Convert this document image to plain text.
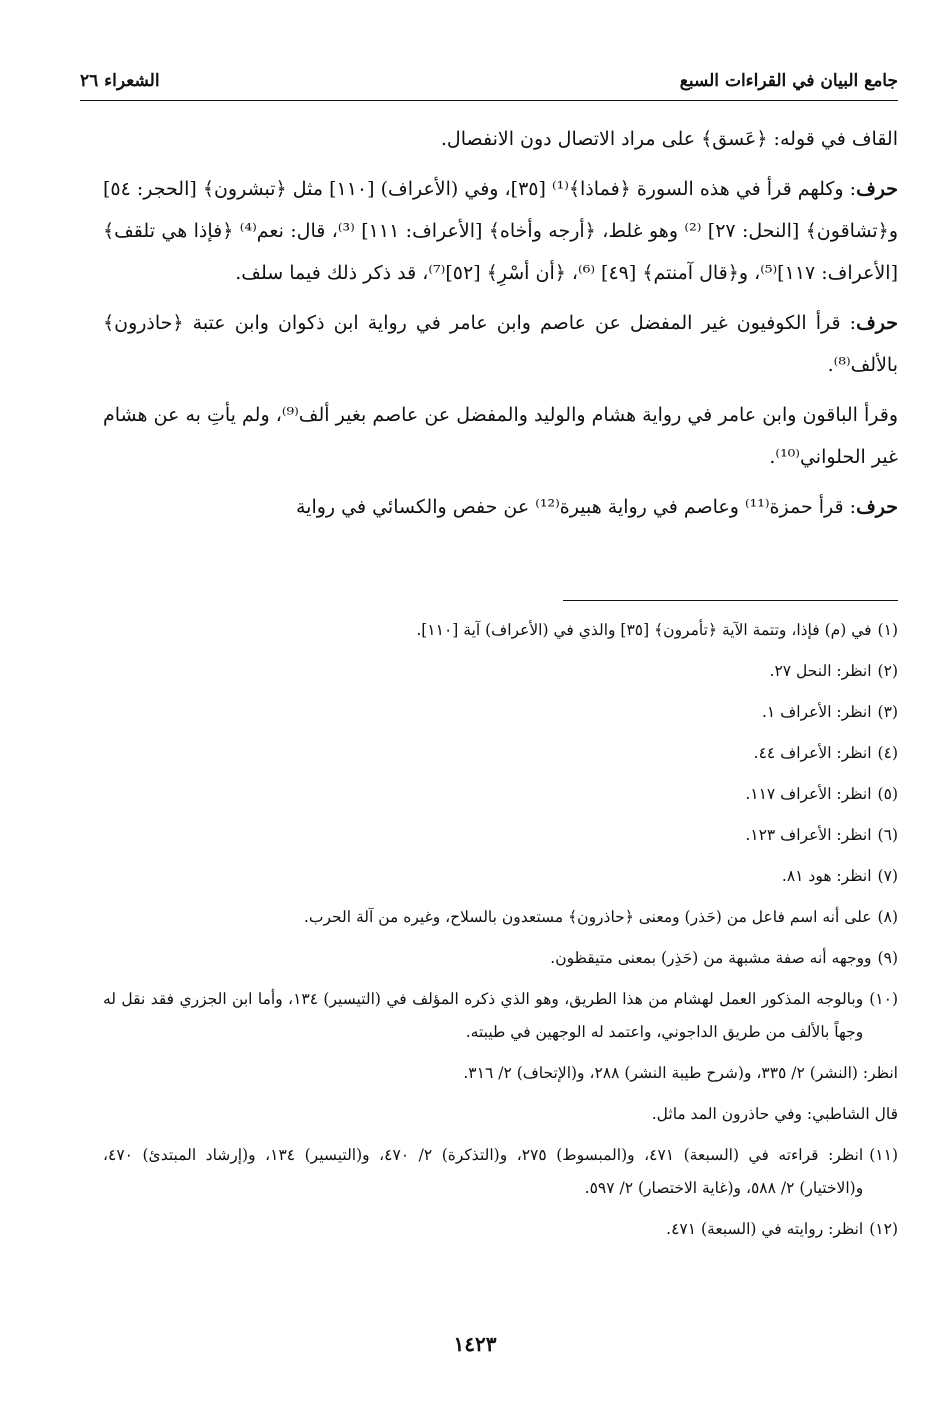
جامع البيان في القراءات السبع
الشعراء ٢٦

القاف في قوله: ﴿عَسق﴾ على مراد الاتصال دون الانفصال.

حرف: وكلهم قرأ في هذه السورة ﴿فماذا﴾⁽¹⁾ [٣٥]، وفي (الأعراف) [١١٠] مثل ﴿تبشرون﴾ [الحجر: ٥٤] و﴿تشاقون﴾ [النحل: ٢٧] ⁽²⁾ وهو غلط، ﴿أرجه وأخاه﴾ [الأعراف: ١١١] ⁽³⁾، قال: نعم⁽⁴⁾ ﴿فإذا هي تلقف﴾ [الأعراف: ١١٧]⁽⁵⁾، و﴿قال آمنتم﴾ [٤٩] ⁽⁶⁾، ﴿أن أسْرِ﴾ [٥٢]⁽⁷⁾، قد ذكر ذلك فيما سلف.

حرف: قرأ الكوفيون غير المفضل عن عاصم وابن عامر في رواية ابن ذكوان وابن عتبة ﴿حاذرون﴾ بالألف⁽⁸⁾.

وقرأ الباقون وابن عامر في رواية هشام والوليد والمفضل عن عاصم بغير ألف⁽⁹⁾، ولم يأتِ به عن هشام غير الحلواني⁽¹⁰⁾.

حرف: قرأ حمزة⁽¹¹⁾ وعاصم في رواية هبيرة⁽¹²⁾ عن حفص والكسائي في رواية

(١)
في (م) فإذا، وتتمة الآية ﴿تأمرون﴾ [٣٥] والذي في (الأعراف) آية [١١٠].
(٢)
انظر: النحل ٢٧.
(٣)
انظر: الأعراف ١.
(٤)
انظر: الأعراف ٤٤.
(٥)
انظر: الأعراف ١١٧.
(٦)
انظر: الأعراف ١٢٣.
(٧)
انظر: هود ٨١.
(٨)
على أنه اسم فاعل من (حَذر) ومعنى ﴿حاذرون﴾ مستعدون بالسلاح، وغيره من آلة الحرب.
(٩)
ووجهه أنه صفة مشبهة من (حَذِر) بمعنى متيقظون.
(١٠)
وبالوجه المذكور العمل لهشام من هذا الطريق، وهو الذي ذكره المؤلف في (التيسير) ١٣٤، وأما ابن الجزري فقد نقل له وجهاً بالألف من طريق الداجوني، واعتمد له الوجهين في طيبته.
انظر: (النشر) ٢/ ٣٣٥، و(شرح طيبة النشر) ٢٨٨، و(الإتحاف) ٢/ ٣١٦.
قال الشاطبي: وفي حاذرون المد ماثل.
(١١)
انظر: قراءته في (السبعة) ٤٧١، و(المبسوط) ٢٧٥، و(التذكرة) ٢/ ٤٧٠، و(التيسير) ١٣٤، و(إرشاد المبتدئ) ٤٧٠، و(الاختيار) ٢/ ٥٨٨، و(غاية الاختصار) ٢/ ٥٩٧.
(١٢)
انظر: روايته في (السبعة) ٤٧١.
١٤٢٣
